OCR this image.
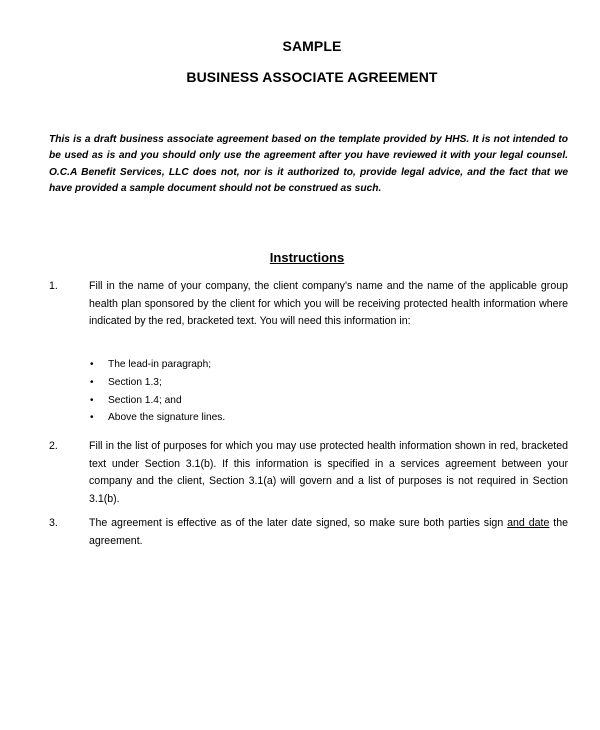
SAMPLE
BUSINESS ASSOCIATE AGREEMENT
This is a draft business associate agreement based on the template provided by HHS. It is not intended to be used as is and you should only use the agreement after you have reviewed it with your legal counsel. O.C.A Benefit Services, LLC does not, nor is it authorized to, provide legal advice, and the fact that we have provided a sample document should not be construed as such.
Instructions
1.	Fill in the name of your company, the client company's name and the name of the applicable group health plan sponsored by the client for which you will be receiving protected health information where indicated by the red, bracketed text. You will need this information in:
• The lead-in paragraph;
• Section 1.3;
• Section 1.4; and
• Above the signature lines.
2.	Fill in the list of purposes for which you may use protected health information shown in red, bracketed text under Section 3.1(b). If this information is specified in a services agreement between your company and the client, Section 3.1(a) will govern and a list of purposes is not required in Section 3.1(b).
3.	The agreement is effective as of the later date signed, so make sure both parties sign and date the agreement.
